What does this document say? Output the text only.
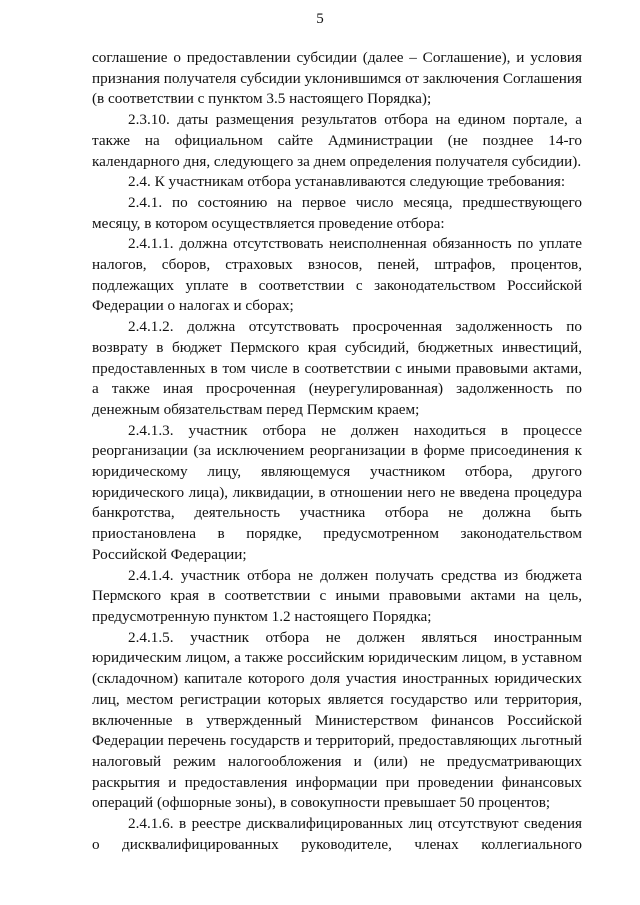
5

соглашение о предоставлении субсидии (далее – Соглашение), и условия признания получателя субсидии уклонившимся от заключения Соглашения (в соответствии с пунктом 3.5 настоящего Порядка);

2.3.10. даты размещения результатов отбора на едином портале, а также на официальном сайте Администрации (не позднее 14-го календарного дня, следующего за днем определения получателя субсидии).

2.4. К участникам отбора устанавливаются следующие требования:

2.4.1. по состоянию на первое число месяца, предшествующего месяцу, в котором осуществляется проведение отбора:

2.4.1.1. должна отсутствовать неисполненная обязанность по уплате налогов, сборов, страховых взносов, пеней, штрафов, процентов, подлежащих уплате в соответствии с законодательством Российской Федерации о налогах и сборах;

2.4.1.2. должна отсутствовать просроченная задолженность по возврату в бюджет Пермского края субсидий, бюджетных инвестиций, предоставленных в том числе в соответствии с иными правовыми актами, а также иная просроченная (неурегулированная) задолженность по денежным обязательствам перед Пермским краем;

2.4.1.3. участник отбора не должен находиться в процессе реорганизации (за исключением реорганизации в форме присоединения к юридическому лицу, являющемуся участником отбора, другого юридического лица), ликвидации, в отношении него не введена процедура банкротства, деятельность участника отбора не должна быть приостановлена в порядке, предусмотренном законодательством Российской Федерации;

2.4.1.4. участник отбора не должен получать средства из бюджета Пермского края в соответствии с иными правовыми актами на цель, предусмотренную пунктом 1.2 настоящего Порядка;

2.4.1.5. участник отбора не должен являться иностранным юридическим лицом, а также российским юридическим лицом, в уставном (складочном) капитале которого доля участия иностранных юридических лиц, местом регистрации которых является государство или территория, включенные в утвержденный Министерством финансов Российской Федерации перечень государств и территорий, предоставляющих льготный налоговый режим налогообложения и (или) не предусматривающих раскрытия и предоставления информации при проведении финансовых операций (офшорные зоны), в совокупности превышает 50 процентов;

2.4.1.6. в реестре дисквалифицированных лиц отсутствуют сведения о дисквалифицированных руководителе, членах коллегиального
